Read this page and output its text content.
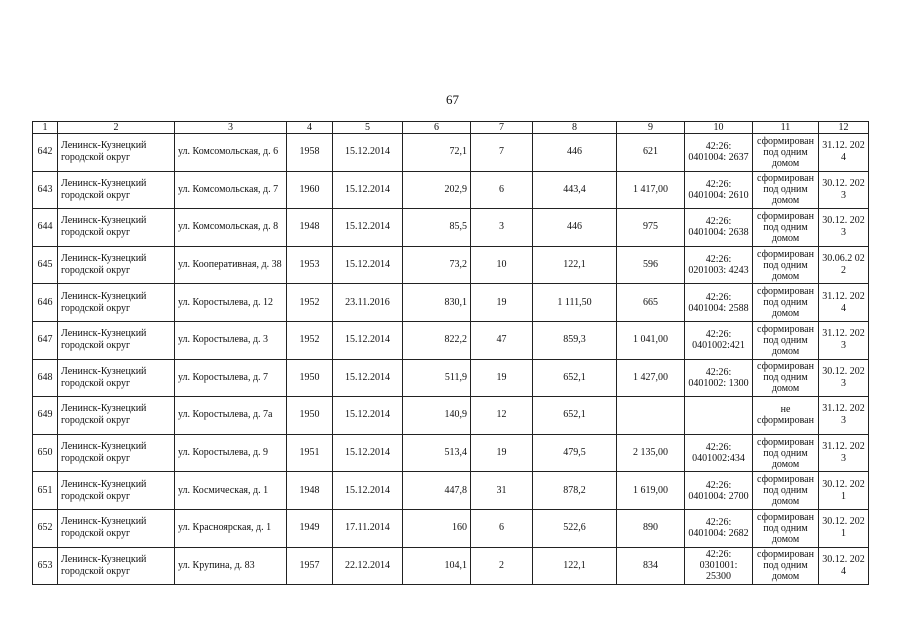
67
1	2	3	4	5	6	7	8	9	10	11	12
642	Ленинск-Кузнецкий городской округ	ул. Комсомольская, д. 6	1958	15.12.2014	72,1	7	446	621	42:26: 0401004: 2637	сформирован под одним домом	31.12. 2024
643	Ленинск-Кузнецкий городской округ	ул. Комсомольская, д. 7	1960	15.12.2014	202,9	6	443,4	1 417,00	42:26: 0401004: 2610	сформирован под одним домом	30.12. 2023
644	Ленинск-Кузнецкий городской округ	ул. Комсомольская, д. 8	1948	15.12.2014	85,5	3	446	975	42:26: 0401004: 2638	сформирован под одним домом	30.12. 2023
645	Ленинск-Кузнецкий городской округ	ул. Кооперативная, д. 38	1953	15.12.2014	73,2	10	122,1	596	42:26: 0201003: 4243	сформирован под одним домом	30.06.2 022
646	Ленинск-Кузнецкий городской округ	ул. Коростылева, д. 12	1952	23.11.2016	830,1	19	1 111,50	665	42:26: 0401004: 2588	сформирован под одним домом	31.12. 2024
647	Ленинск-Кузнецкий городской округ	ул. Коростылева, д. 3	1952	15.12.2014	822,2	47	859,3	1 041,00	42:26: 0401002:421	сформирован под одним домом	31.12. 2023
648	Ленинск-Кузнецкий городской округ	ул. Коростылева, д. 7	1950	15.12.2014	511,9	19	652,1	1 427,00	42:26: 0401002: 1300	сформирован под одним домом	30.12. 2023
649	Ленинск-Кузнецкий городской округ	ул. Коростылева, д. 7а	1950	15.12.2014	140,9	12	652,1			не сформирован	31.12. 2023
650	Ленинск-Кузнецкий городской округ	ул. Коростылева, д. 9	1951	15.12.2014	513,4	19	479,5	2 135,00	42:26: 0401002:434	сформирован под одним домом	31.12. 2023
651	Ленинск-Кузнецкий городской округ	ул. Космическая, д. 1	1948	15.12.2014	447,8	31	878,2	1 619,00	42:26: 0401004: 2700	сформирован под одним домом	30.12. 2021
652	Ленинск-Кузнецкий городской округ	ул. Красноярская, д. 1	1949	17.11.2014	160	6	522,6	890	42:26: 0401004: 2682	сформирован под одним домом	30.12. 2021
653	Ленинск-Кузнецкий городской округ	ул. Крупина, д. 83	1957	22.12.2014	104,1	2	122,1	834	42:26: 0301001: 25300	сформирован под одним домом	30.12. 2024
